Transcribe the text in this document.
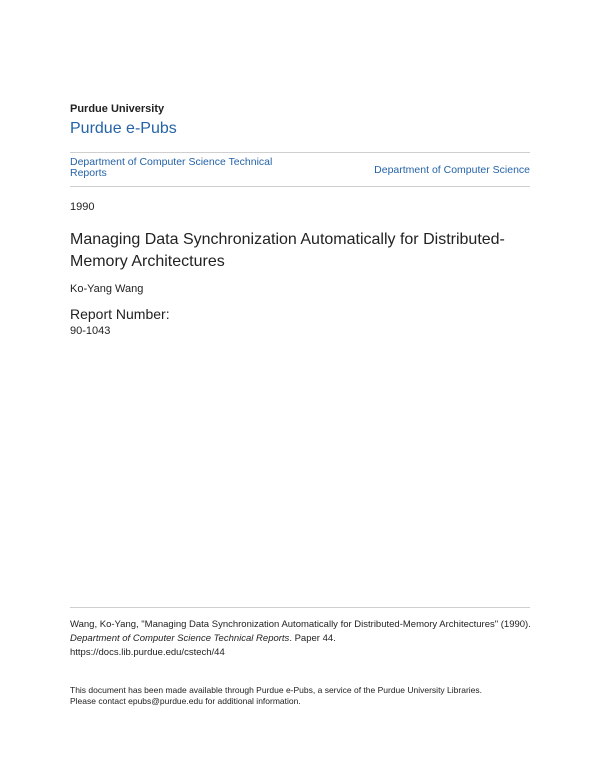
Purdue University
Purdue e-Pubs
Department of Computer Science Technical Reports	Department of Computer Science
1990
Managing Data Synchronization Automatically for Distributed-Memory Architectures
Ko-Yang Wang
Report Number:
90-1043
Wang, Ko-Yang, "Managing Data Synchronization Automatically for Distributed-Memory Architectures" (1990). Department of Computer Science Technical Reports. Paper 44.
https://docs.lib.purdue.edu/cstech/44
This document has been made available through Purdue e-Pubs, a service of the Purdue University Libraries.
Please contact epubs@purdue.edu for additional information.
